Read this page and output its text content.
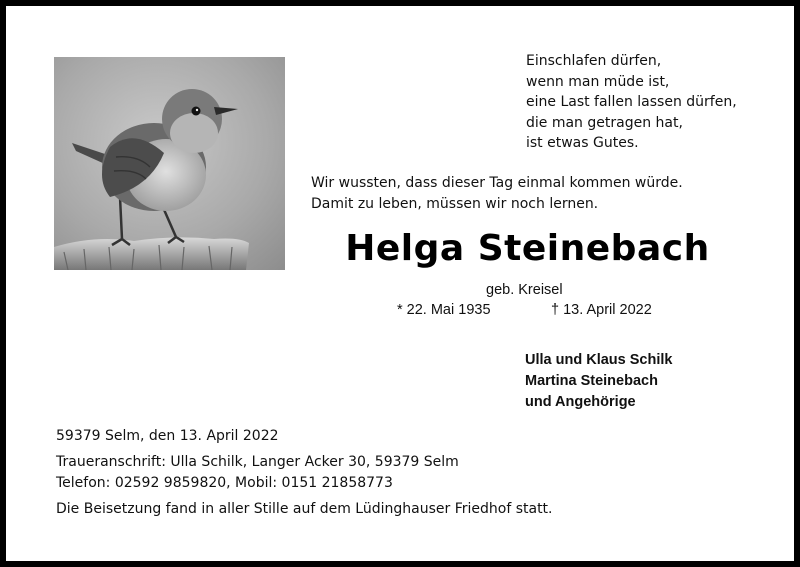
Einschlafen dürfen,
wenn man müde ist,
eine Last fallen lassen dürfen,
die man getragen hat,
ist etwas Gutes.
Wir wussten, dass dieser Tag einmal kommen würde.
Damit zu leben, müssen wir noch lernen.
Helga Steinebach
geb. Kreisel
* 22. Mai 1935	† 13. April 2022
Ulla und Klaus Schilk
Martina Steinebach
und Angehörige
59379 Selm, den 13. April 2022
Traueranschrift: Ulla Schilk, Langer Acker 30, 59379 Selm
Telefon: 02592 9859820, Mobil: 0151 21858773
Die Beisetzung fand in aller Stille auf dem Lüdinghauser Friedhof statt.
